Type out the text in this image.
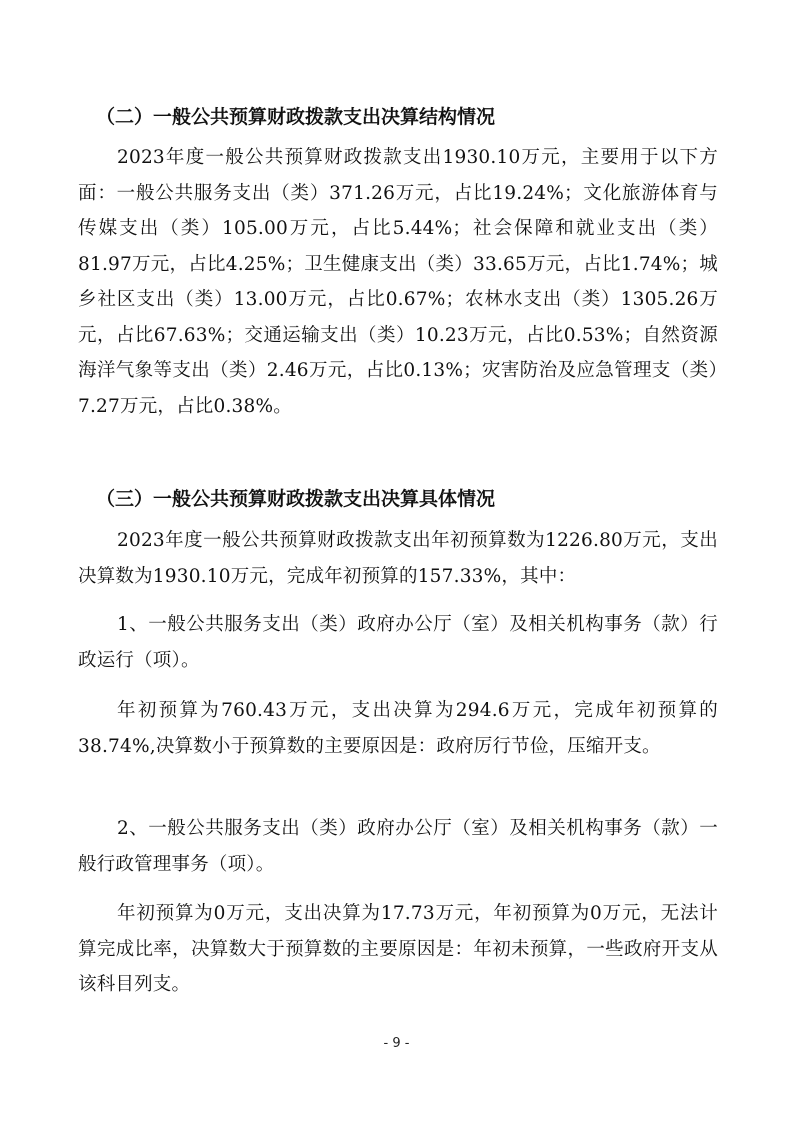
（二）一般公共预算财政拨款支出决算结构情况
2023年度一般公共预算财政拨款支出1930.10万元，主要用于以下方面：一般公共服务支出（类）371.26万元，占比19.24%；文化旅游体育与传媒支出（类）105.00万元，占比5.44%；社会保障和就业支出（类）81.97万元，占比4.25%；卫生健康支出（类）33.65万元，占比1.74%；城乡社区支出（类）13.00万元，占比0.67%；农林水支出（类）1305.26万元，占比67.63%；交通运输支出（类）10.23万元，占比0.53%；自然资源海洋气象等支出（类）2.46万元，占比0.13%；灾害防治及应急管理支（类）7.27万元，占比0.38%。
（三）一般公共预算财政拨款支出决算具体情况
2023年度一般公共预算财政拨款支出年初预算数为1226.80万元，支出决算数为1930.10万元，完成年初预算的157.33%，其中：
1、一般公共服务支出（类）政府办公厅（室）及相关机构事务（款）行政运行（项）。
年初预算为760.43万元，支出决算为294.6万元，完成年初预算的38.74%,决算数小于预算数的主要原因是：政府厉行节俭，压缩开支。
2、一般公共服务支出（类）政府办公厅（室）及相关机构事务（款）一般行政管理事务（项）。
年初预算为0万元，支出决算为17.73万元，年初预算为0万元，无法计算完成比率，决算数大于预算数的主要原因是：年初未预算，一些政府开支从该科目列支。
- 9 -
